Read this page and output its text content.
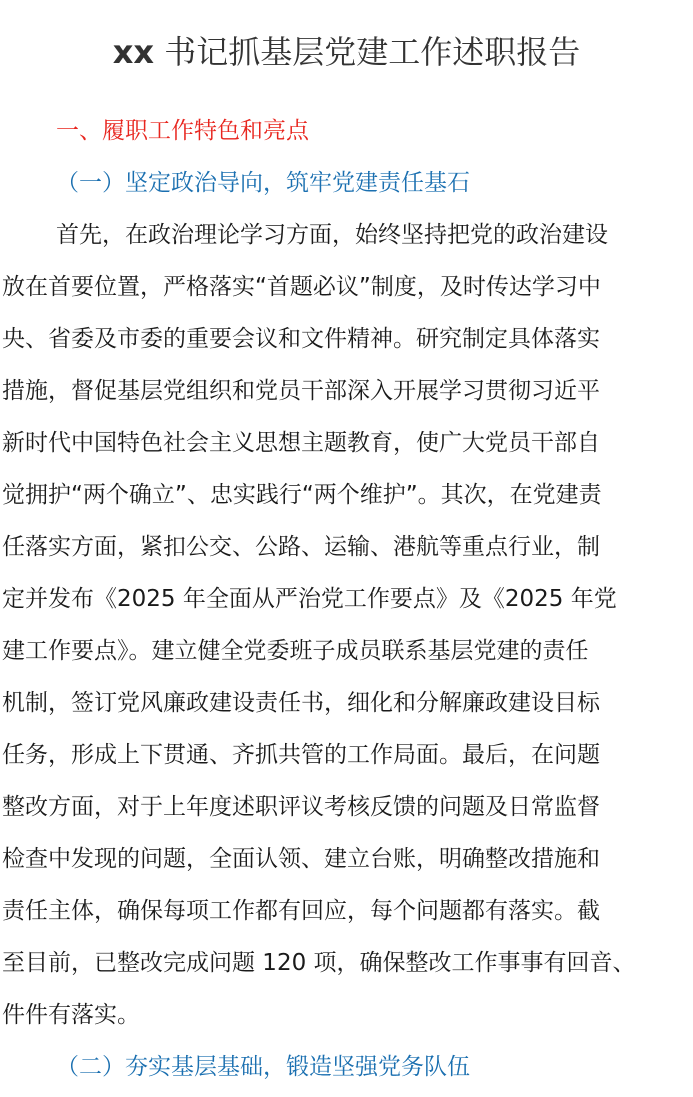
xx 书记抓基层党建工作述职报告
一、履职工作特色和亮点
（一）坚定政治导向，筑牢党建责任基石
首先，在政治理论学习方面，始终坚持把党的政治建设
放在首要位置，严格落实“首题必议”制度，及时传达学习中
央、省委及市委的重要会议和文件精神。研究制定具体落实
措施，督促基层党组织和党员干部深入开展学习贯彻习近平
新时代中国特色社会主义思想主题教育，使广大党员干部自
觉拥护“两个确立”、忠实践行“两个维护”。其次，在党建责
任落实方面，紧扣公交、公路、运输、港航等重点行业，制
定并发布《2025 年全面从严治党工作要点》及《2025 年党
建工作要点》。建立健全党委班子成员联系基层党建的责任
机制，签订党风廉政建设责任书，细化和分解廉政建设目标
任务，形成上下贯通、齐抓共管的工作局面。最后，在问题
整改方面，对于上年度述职评议考核反馈的问题及日常监督
检查中发现的问题，全面认领、建立台账，明确整改措施和
责任主体，确保每项工作都有回应，每个问题都有落实。截
至目前，已整改完成问题 120 项，确保整改工作事事有回音、
件件有落实。
（二）夯实基层基础，锻造坚强党务队伍
